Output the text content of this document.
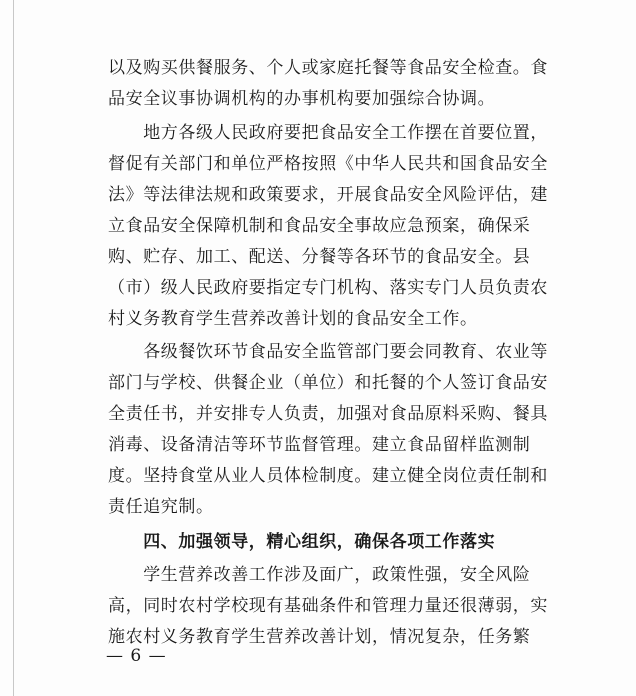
以及购买供餐服务、个人或家庭托餐等食品安全检查。食

品安全议事协调机构的办事机构要加强综合协调。

　　地方各级人民政府要把食品安全工作摆在首要位置，

督促有关部门和单位严格按照《中华人民共和国食品安全

法》等法律法规和政策要求，开展食品安全风险评估，建

立食品安全保障机制和食品安全事故应急预案，确保采

购、贮存、加工、配送、分餐等各环节的食品安全。县

（市）级人民政府要指定专门机构、落实专门人员负责农

村义务教育学生营养改善计划的食品安全工作。

　　各级餐饮环节食品安全监管部门要会同教育、农业等

部门与学校、供餐企业（单位）和托餐的个人签订食品安

全责任书，并安排专人负责，加强对食品原料采购、餐具

消毒、设备清洁等环节监督管理。建立食品留样监测制

度。坚持食堂从业人员体检制度。建立健全岗位责任制和

责任追究制。

　　四、加强领导，精心组织，确保各项工作落实

　　学生营养改善工作涉及面广，政策性强，安全风险

高，同时农村学校现有基础条件和管理力量还很薄弱，实

施农村义务教育学生营养改善计划，情况复杂，任务繁

— 6 —
